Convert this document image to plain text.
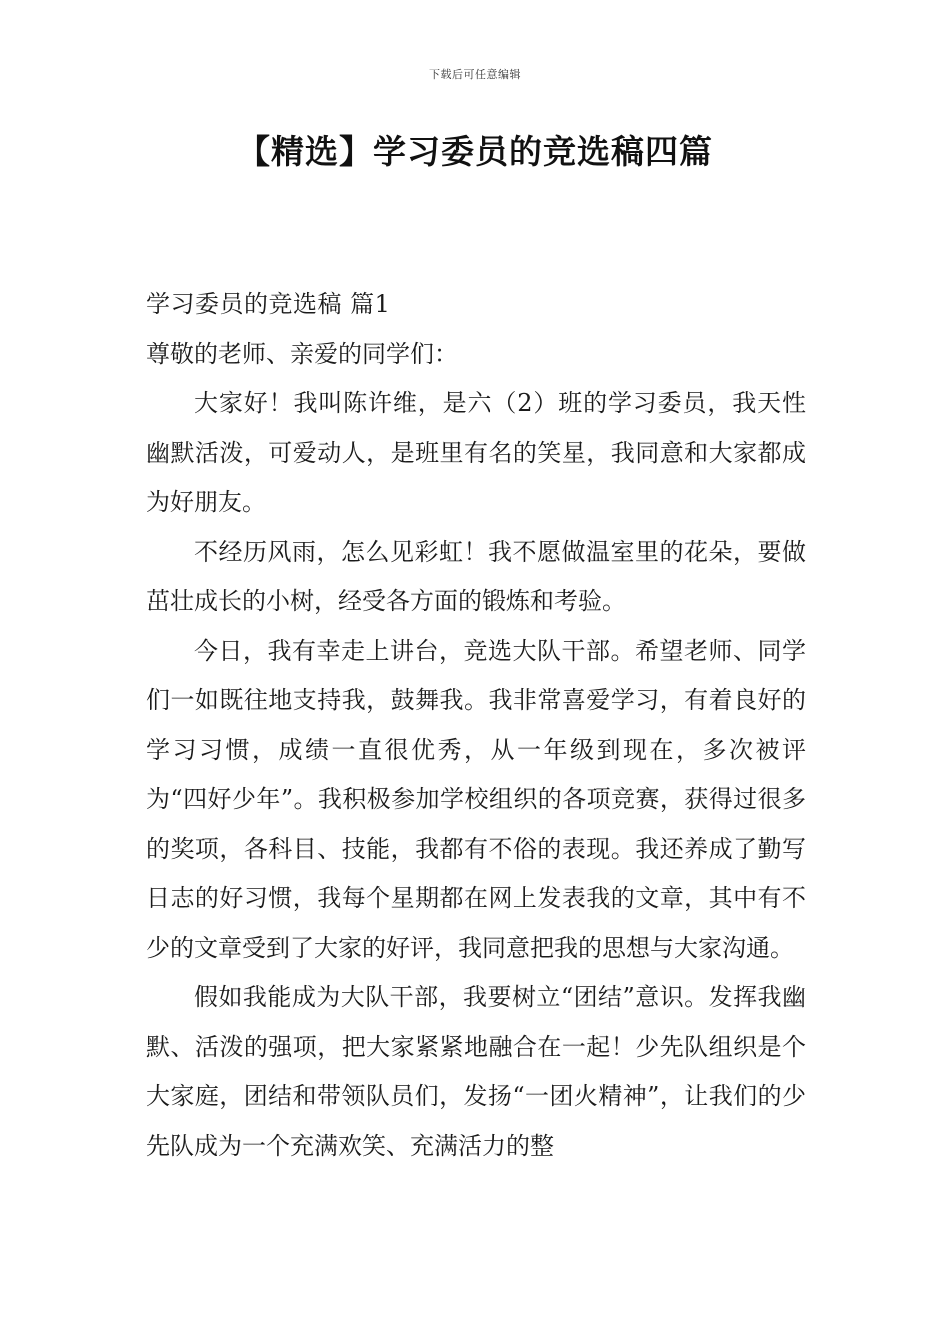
下载后可任意编辑
【精选】学习委员的竞选稿四篇

学习委员的竞选稿 篇1

尊敬的老师、亲爱的同学们：

大家好！我叫陈许维，是六（2）班的学习委员，我天性幽默活泼，可爱动人，是班里有名的笑星，我同意和大家都成为好朋友。

不经历风雨，怎么见彩虹！我不愿做温室里的花朵，要做茁壮成长的小树，经受各方面的锻炼和考验。

今日，我有幸走上讲台，竞选大队干部。希望老师、同学们一如既往地支持我，鼓舞我。我非常喜爱学习，有着良好的学习习惯，成绩一直很优秀，从一年级到现在，多次被评为“四好少年”。我积极参加学校组织的各项竞赛，获得过很多的奖项，各科目、技能，我都有不俗的表现。我还养成了勤写日志的好习惯，我每个星期都在网上发表我的文章，其中有不少的文章受到了大家的好评，我同意把我的思想与大家沟通。

假如我能成为大队干部，我要树立“团结”意识。发挥我幽默、活泼的强项，把大家紧紧地融合在一起！少先队组织是个大家庭，团结和带领队员们，发扬“一团火精神”，让我们的少先队成为一个充满欢笑、充满活力的整
